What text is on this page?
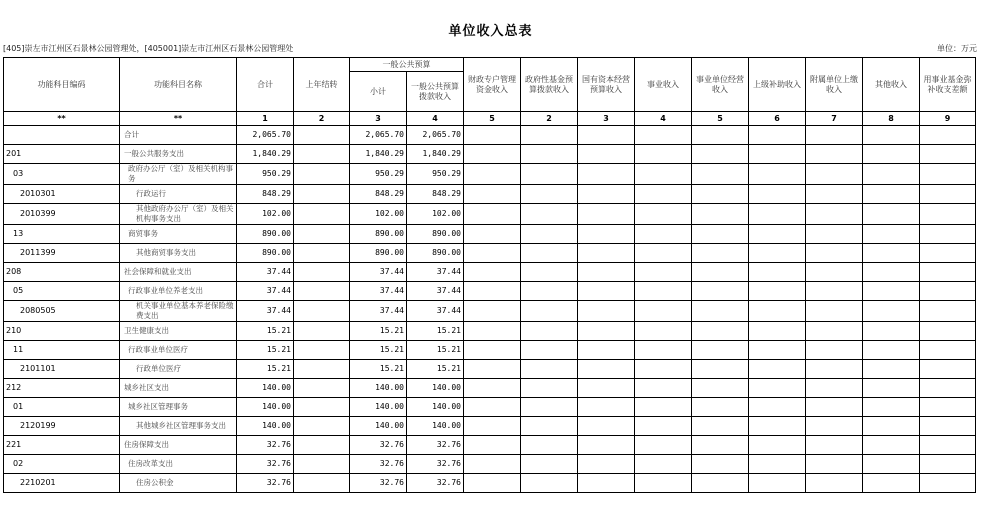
单位收入总表
[405]崇左市江州区石景林公园管理处，[405001]崇左市江州区石景林公园管理处	单位：万元
功能科目编码	功能科目名称	合计	上年结转	一般公共预算		财政专户管理资金收入	政府性基金预算拨款收入	国有资本经营预算收入	事业收入	事业单位经营收入	上级补助收入	附属单位上缴收入	其他收入	用事业基金弥补收支差额
				小计	一般公共预算拨款收入									
**	**	1	2	3	4	5	2	3	4	5	6	7	8	9
	合计	2,065.70		2,065.70	2,065.70									
201	一般公共服务支出	1,840.29		1,840.29	1,840.29									
03	政府办公厅（室）及相关机构事务	950.29		950.29	950.29									
2010301	行政运行	848.29		848.29	848.29									
2010399	其他政府办公厅（室）及相关机构事务支出	102.00		102.00	102.00									
13	商贸事务	890.00		890.00	890.00									
2011399	其他商贸事务支出	890.00		890.00	890.00									
208	社会保障和就业支出	37.44		37.44	37.44									
05	行政事业单位养老支出	37.44		37.44	37.44									
2080505	机关事业单位基本养老保险缴费支出	37.44		37.44	37.44									
210	卫生健康支出	15.21		15.21	15.21									
11	行政事业单位医疗	15.21		15.21	15.21									
2101101	行政单位医疗	15.21		15.21	15.21									
212	城乡社区支出	140.00		140.00	140.00									
01	城乡社区管理事务	140.00		140.00	140.00									
2120199	其他城乡社区管理事务支出	140.00		140.00	140.00									
221	住房保障支出	32.76		32.76	32.76									
02	住房改革支出	32.76		32.76	32.76									
2210201	住房公积金	32.76		32.76	32.76									
